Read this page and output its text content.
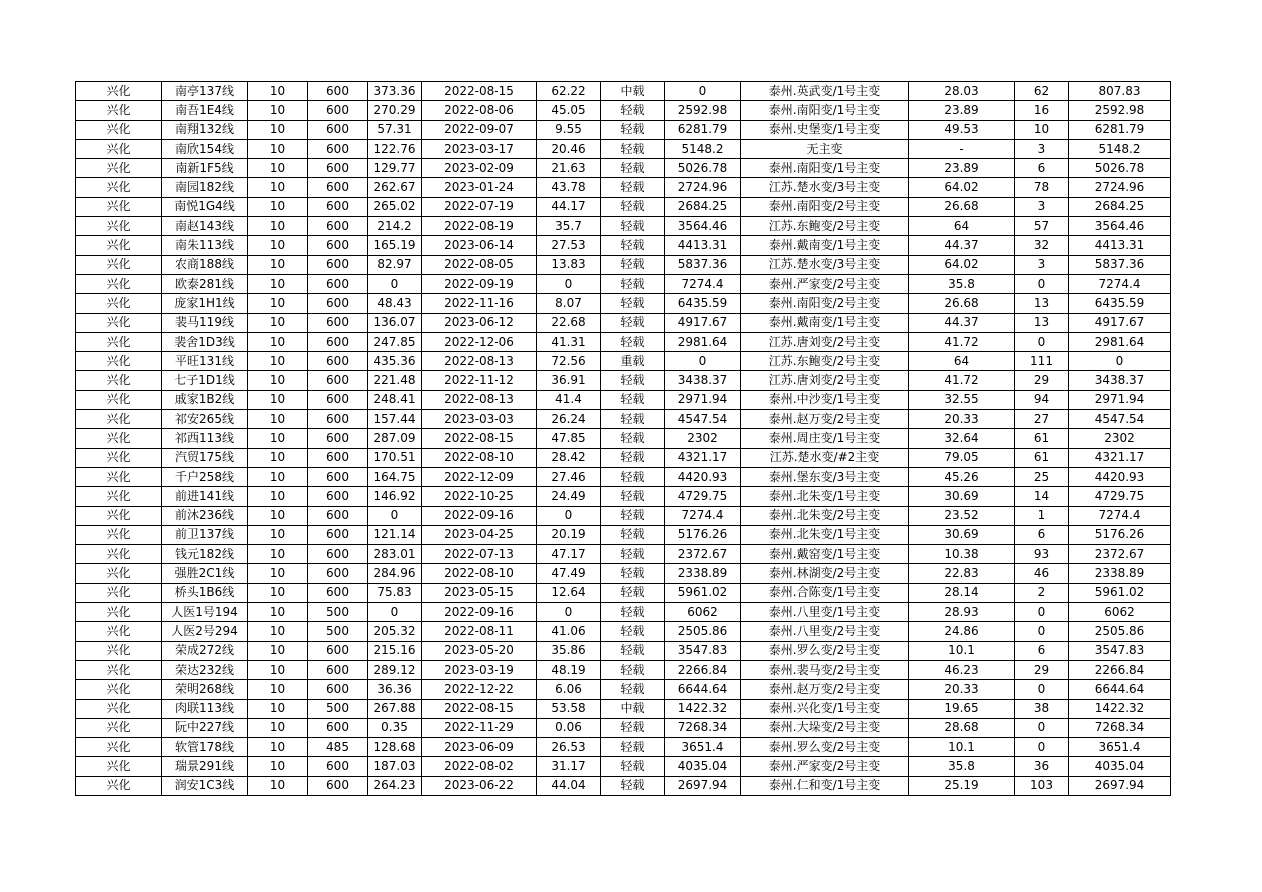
兴化	南亭137线	10	600	373.36	2022-08-15	62.22	中载	0	泰州.英武变/1号主变	28.03	62	807.83
兴化	南吾1E4线	10	600	270.29	2022-08-06	45.05	轻载	2592.98	泰州.南阳变/1号主变	23.89	16	2592.98
兴化	南翔132线	10	600	57.31	2022-09-07	9.55	轻载	6281.79	泰州.史堡变/1号主变	49.53	10	6281.79
兴化	南欣154线	10	600	122.76	2023-03-17	20.46	轻载	5148.2	无主变	-	3	5148.2
兴化	南新1F5线	10	600	129.77	2023-02-09	21.63	轻载	5026.78	泰州.南阳变/1号主变	23.89	6	5026.78
兴化	南园182线	10	600	262.67	2023-01-24	43.78	轻载	2724.96	江苏.楚水变/3号主变	64.02	78	2724.96
兴化	南悦1G4线	10	600	265.02	2022-07-19	44.17	轻载	2684.25	泰州.南阳变/2号主变	26.68	3	2684.25
兴化	南赵143线	10	600	214.2	2022-08-19	35.7	轻载	3564.46	江苏.东鲍变/2号主变	64	57	3564.46
兴化	南朱113线	10	600	165.19	2023-06-14	27.53	轻载	4413.31	泰州.戴南变/1号主变	44.37	32	4413.31
兴化	农商188线	10	600	82.97	2022-08-05	13.83	轻载	5837.36	江苏.楚水变/3号主变	64.02	3	5837.36
兴化	欧泰281线	10	600	0	2022-09-19	0	轻载	7274.4	泰州.严家变/2号主变	35.8	0	7274.4
兴化	庞家1H1线	10	600	48.43	2022-11-16	8.07	轻载	6435.59	泰州.南阳变/2号主变	26.68	13	6435.59
兴化	裴马119线	10	600	136.07	2023-06-12	22.68	轻载	4917.67	泰州.戴南变/1号主变	44.37	13	4917.67
兴化	裴舍1D3线	10	600	247.85	2022-12-06	41.31	轻载	2981.64	江苏.唐刘变/2号主变	41.72	0	2981.64
兴化	平旺131线	10	600	435.36	2022-08-13	72.56	重载	0	江苏.东鲍变/2号主变	64	111	0
兴化	七子1D1线	10	600	221.48	2022-11-12	36.91	轻载	3438.37	江苏.唐刘变/2号主变	41.72	29	3438.37
兴化	戚家1B2线	10	600	248.41	2022-08-13	41.4	轻载	2971.94	泰州.中沙变/1号主变	32.55	94	2971.94
兴化	祁安265线	10	600	157.44	2023-03-03	26.24	轻载	4547.54	泰州.赵万变/2号主变	20.33	27	4547.54
兴化	祁西113线	10	600	287.09	2022-08-15	47.85	轻载	2302	泰州.周庄变/1号主变	32.64	61	2302
兴化	汽贸175线	10	600	170.51	2022-08-10	28.42	轻载	4321.17	江苏.楚水变/#2主变	79.05	61	4321.17
兴化	千户258线	10	600	164.75	2022-12-09	27.46	轻载	4420.93	泰州.堡东变/3号主变	45.26	25	4420.93
兴化	前进141线	10	600	146.92	2022-10-25	24.49	轻载	4729.75	泰州.北朱变/1号主变	30.69	14	4729.75
兴化	前沐236线	10	600	0	2022-09-16	0	轻载	7274.4	泰州.北朱变/2号主变	23.52	1	7274.4
兴化	前卫137线	10	600	121.14	2023-04-25	20.19	轻载	5176.26	泰州.北朱变/1号主变	30.69	6	5176.26
兴化	钱元182线	10	600	283.01	2022-07-13	47.17	轻载	2372.67	泰州.戴窑变/1号主变	10.38	93	2372.67
兴化	强胜2C1线	10	600	284.96	2022-08-10	47.49	轻载	2338.89	泰州.林湖变/2号主变	22.83	46	2338.89
兴化	桥头1B6线	10	600	75.83	2023-05-15	12.64	轻载	5961.02	泰州.合陈变/1号主变	28.14	2	5961.02
兴化	人医1号194	10	500	0	2022-09-16	0	轻载	6062	泰州.八里变/1号主变	28.93	0	6062
兴化	人医2号294	10	500	205.32	2022-08-11	41.06	轻载	2505.86	泰州.八里变/2号主变	24.86	0	2505.86
兴化	荣成272线	10	600	215.16	2023-05-20	35.86	轻载	3547.83	泰州.罗么变/2号主变	10.1	6	3547.83
兴化	荣达232线	10	600	289.12	2023-03-19	48.19	轻载	2266.84	泰州.裴马变/2号主变	46.23	29	2266.84
兴化	荣明268线	10	600	36.36	2022-12-22	6.06	轻载	6644.64	泰州.赵万变/2号主变	20.33	0	6644.64
兴化	肉联113线	10	500	267.88	2022-08-15	53.58	中载	1422.32	泰州.兴化变/1号主变	19.65	38	1422.32
兴化	阮中227线	10	600	0.35	2022-11-29	0.06	轻载	7268.34	泰州.大垛变/2号主变	28.68	0	7268.34
兴化	软管178线	10	485	128.68	2023-06-09	26.53	轻载	3651.4	泰州.罗么变/2号主变	10.1	0	3651.4
兴化	瑞景291线	10	600	187.03	2022-08-02	31.17	轻载	4035.04	泰州.严家变/2号主变	35.8	36	4035.04
兴化	润安1C3线	10	600	264.23	2023-06-22	44.04	轻载	2697.94	泰州.仁和变/1号主变	25.19	103	2697.94
